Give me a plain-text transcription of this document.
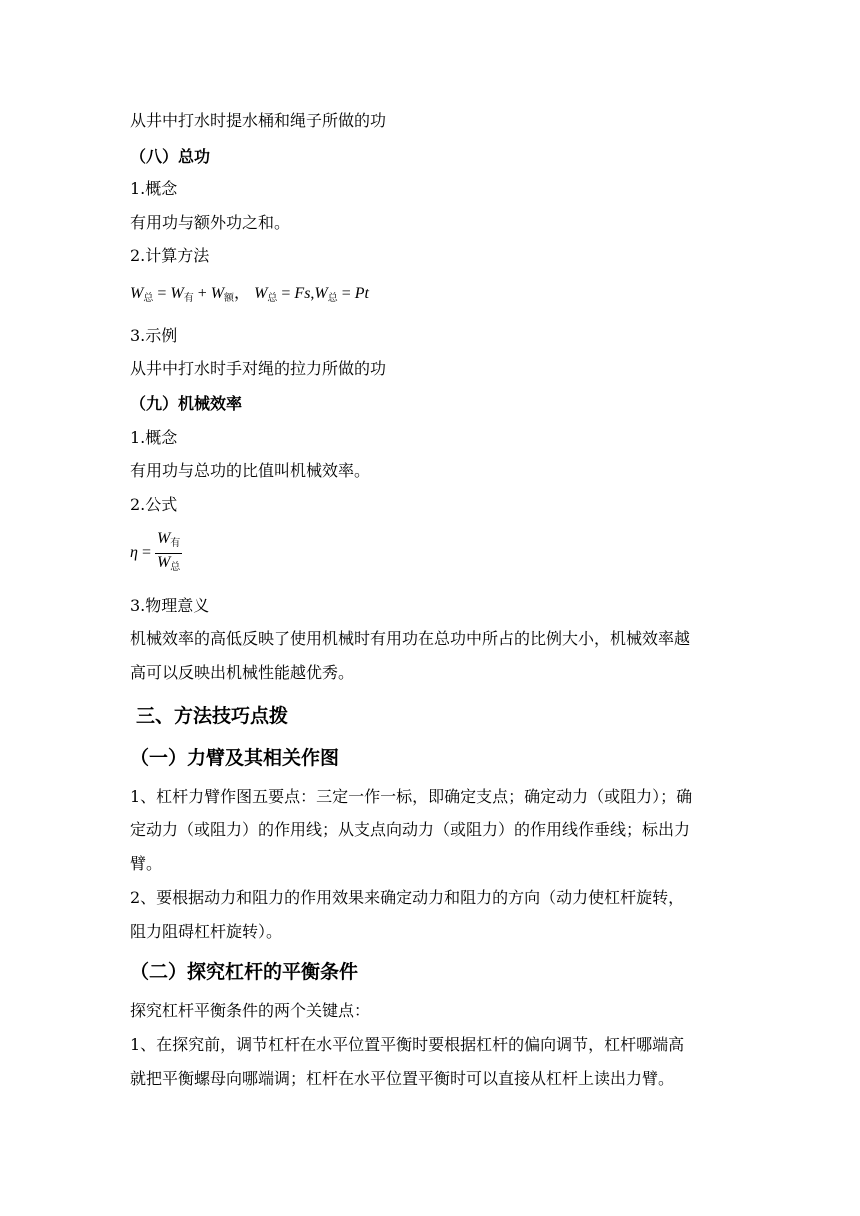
从井中打水时提水桶和绳子所做的功
（八）总功
1.概念
有用功与额外功之和。
2.计算方法
$W_总 = W_有 + W_额$， $W_总 = Fs,W_总 = Pt$
3.示例
从井中打水时手对绳的拉力所做的功
（九）机械效率
1.概念
有用功与总功的比值叫机械效率。
2.公式
$\eta = \frac{W_有}{W_总}$
3.物理意义
机械效率的高低反映了使用机械时有用功在总功中所占的比例大小，机械效率越
高可以反映出机械性能越优秀。
三、方法技巧点拨
（一）力臂及其相关作图
1、杠杆力臂作图五要点：三定一作一标，即确定支点；确定动力（或阻力）；确
定动力（或阻力）的作用线；从支点向动力（或阻力）的作用线作垂线；标出力
臂。
2、要根据动力和阻力的作用效果来确定动力和阻力的方向（动力使杠杆旋转，
阻力阻碍杠杆旋转）。
（二）探究杠杆的平衡条件
探究杠杆平衡条件的两个关键点：
1、在探究前，调节杠杆在水平位置平衡时要根据杠杆的偏向调节，杠杆哪端高
就把平衡螺母向哪端调；杠杆在水平位置平衡时可以直接从杠杆上读出力臂。
